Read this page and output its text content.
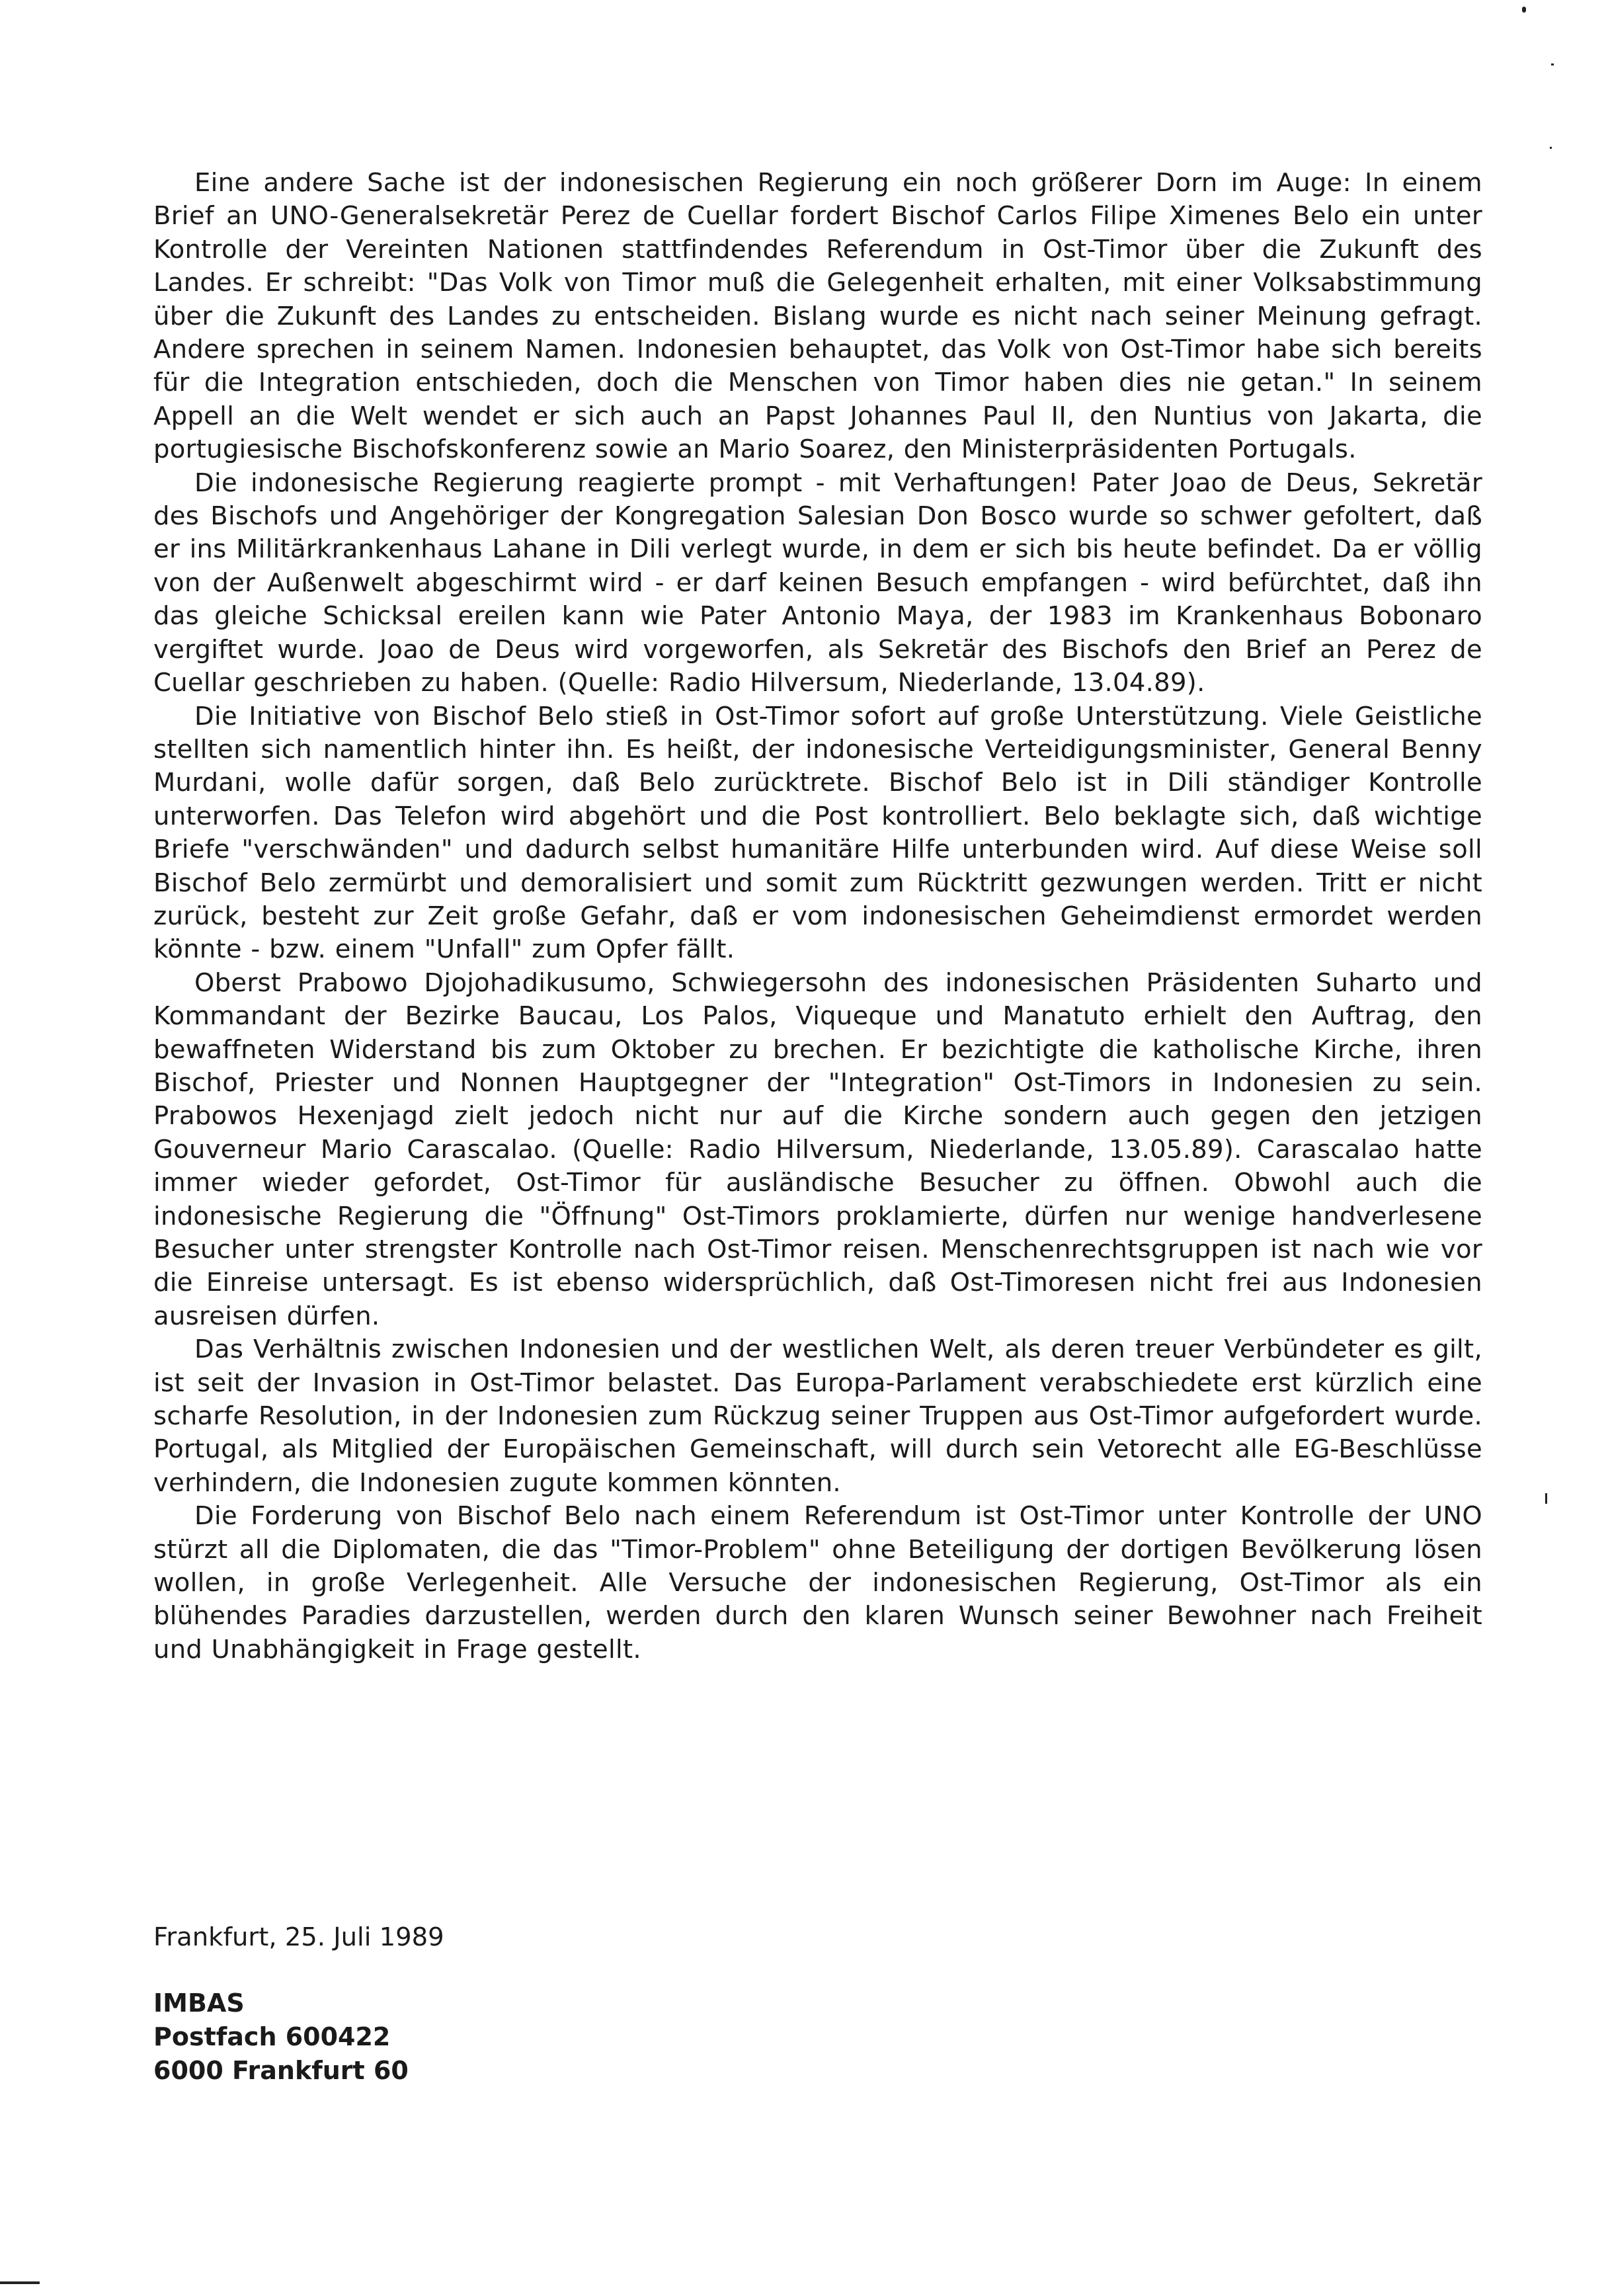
Eine andere Sache ist der indonesischen Regierung ein noch größerer Dorn im Auge: In einem Brief an UNO-Generalsekretär Perez de Cuellar fordert Bischof Carlos Filipe Ximenes Belo ein unter Kontrolle der Vereinten Nationen stattfindendes Referendum in Ost-Timor über die Zukunft des Landes. Er schreibt: "Das Volk von Timor muß die Gelegenheit erhalten, mit einer Volksabstimmung über die Zukunft des Landes zu entscheiden. Bislang wurde es nicht nach seiner Meinung gefragt. Andere sprechen in seinem Namen. Indonesien behauptet, das Volk von Ost-Timor habe sich bereits für die Integration entschieden, doch die Menschen von Timor haben dies nie getan." In seinem Appell an die Welt wendet er sich auch an Papst Johannes Paul II, den Nuntius von Jakarta, die portugiesische Bischofskonferenz sowie an Mario Soarez, den Ministerpräsidenten Portugals.

Die indonesische Regierung reagierte prompt - mit Verhaftungen! Pater Joao de Deus, Sekretär des Bischofs und Angehöriger der Kongregation Salesian Don Bosco wurde so schwer gefoltert, daß er ins Militärkrankenhaus Lahane in Dili verlegt wurde, in dem er sich bis heute befindet. Da er völlig von der Außenwelt abgeschirmt wird - er darf keinen Besuch empfangen - wird befürchtet, daß ihn das gleiche Schicksal ereilen kann wie Pater Antonio Maya, der 1983 im Krankenhaus Bobonaro vergiftet wurde. Joao de Deus wird vorgeworfen, als Sekretär des Bischofs den Brief an Perez de Cuellar geschrieben zu haben. (Quelle: Radio Hilversum, Niederlande, 13.04.89).

Die Initiative von Bischof Belo stieß in Ost-Timor sofort auf große Unterstützung. Viele Geistliche stellten sich namentlich hinter ihn. Es heißt, der indonesische Verteidigungsminister, General Benny Murdani, wolle dafür sorgen, daß Belo zurücktrete. Bischof Belo ist in Dili ständiger Kontrolle unterworfen. Das Telefon wird abgehört und die Post kontrolliert. Belo beklagte sich, daß wichtige Briefe "verschwänden" und dadurch selbst humanitäre Hilfe unterbunden wird. Auf diese Weise soll Bischof Belo zermürbt und demoralisiert und somit zum Rücktritt gezwungen werden. Tritt er nicht zurück, besteht zur Zeit große Gefahr, daß er vom indonesischen Geheimdienst ermordet werden könnte - bzw. einem "Unfall" zum Opfer fällt.

Oberst Prabowo Djojohadikusumo, Schwiegersohn des indonesischen Präsidenten Suharto und Kommandant der Bezirke Baucau, Los Palos, Viqueque und Manatuto erhielt den Auftrag, den bewaffneten Widerstand bis zum Oktober zu brechen. Er bezichtigte die katholische Kirche, ihren Bischof, Priester und Nonnen Hauptgegner der "Integration" Ost-Timors in Indonesien zu sein. Prabowos Hexenjagd zielt jedoch nicht nur auf die Kirche sondern auch gegen den jetzigen Gouverneur Mario Carascalao. (Quelle: Radio Hilversum, Niederlande, 13.05.89). Carascalao hatte immer wieder gefordet, Ost-Timor für ausländische Besucher zu öffnen. Obwohl auch die indonesische Regierung die "Öffnung" Ost-Timors proklamierte, dürfen nur wenige handverlesene Besucher unter strengster Kontrolle nach Ost-Timor reisen. Menschenrechtsgruppen ist nach wie vor die Einreise untersagt. Es ist ebenso widersprüchlich, daß Ost-Timoresen nicht frei aus Indonesien ausreisen dürfen.

Das Verhältnis zwischen Indonesien und der westlichen Welt, als deren treuer Verbündeter es gilt, ist seit der Invasion in Ost-Timor belastet. Das Europa-Parlament verabschiedete erst kürzlich eine scharfe Resolution, in der Indonesien zum Rückzug seiner Truppen aus Ost-Timor aufgefordert wurde. Portugal, als Mitglied der Europäischen Gemeinschaft, will durch sein Vetorecht alle EG-Beschlüsse verhindern, die Indonesien zugute kommen könnten.

Die Forderung von Bischof Belo nach einem Referendum ist Ost-Timor unter Kontrolle der UNO stürzt all die Diplomaten, die das "Timor-Problem" ohne Beteiligung der dortigen Bevölkerung lösen wollen, in große Verlegenheit. Alle Versuche der indonesischen Regierung, Ost-Timor als ein blühendes Paradies darzustellen, werden durch den klaren Wunsch seiner Bewohner nach Freiheit und Unabhängigkeit in Frage gestellt.

Frankfurt, 25. Juli 1989

IMBAS
Postfach 600422
6000 Frankfurt 60
